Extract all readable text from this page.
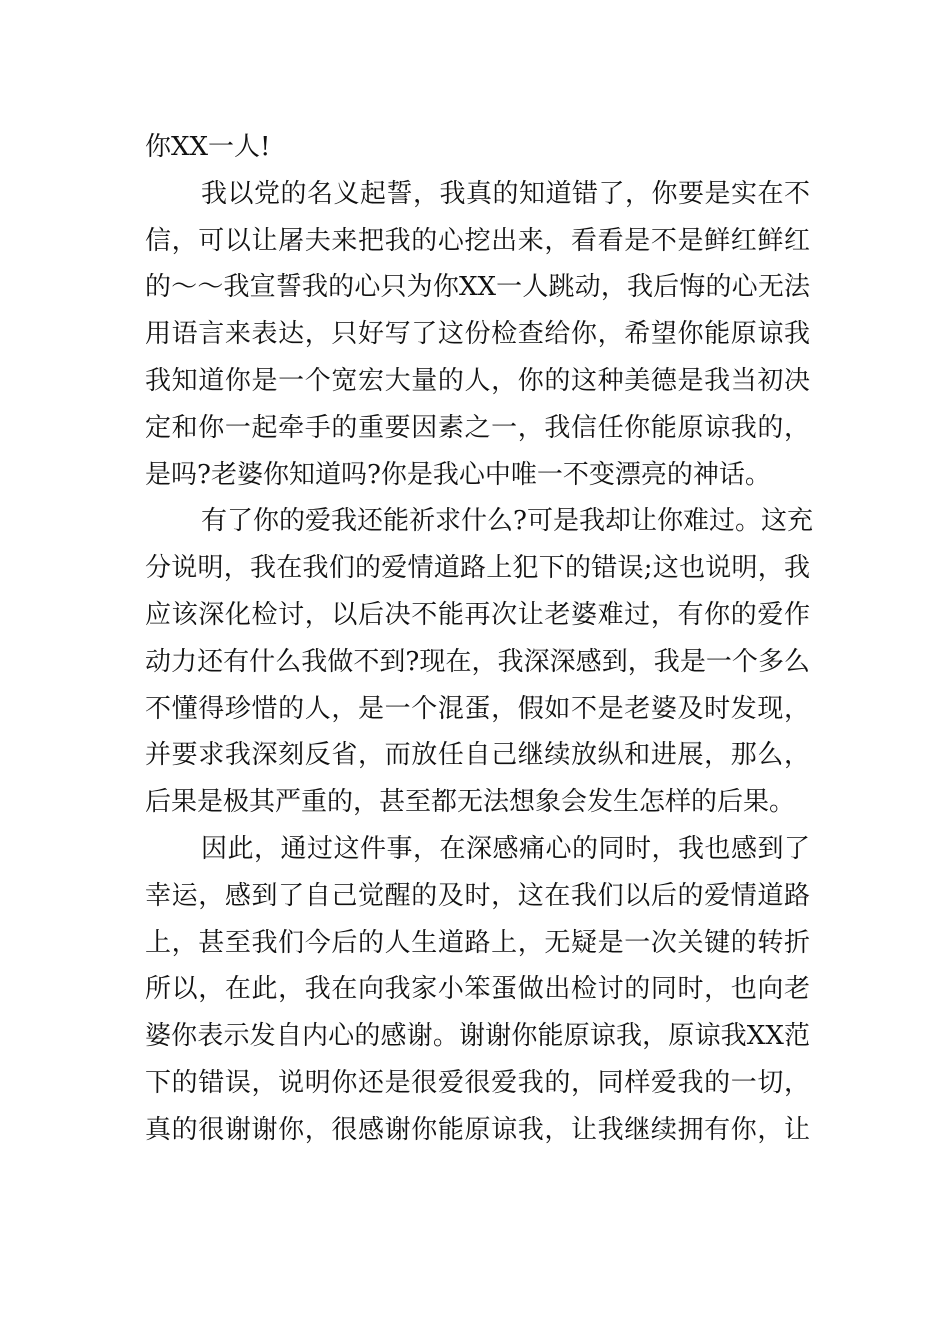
你XX一人!
我以党的名义起誓，我真的知道错了，你要是实在不
信，可以让屠夫来把我的心挖出来，看看是不是鲜红鲜红
的～～我宣誓我的心只为你XX一人跳动，我后悔的心无法
用语言来表达，只好写了这份检查给你，希望你能原谅我
我知道你是一个宽宏大量的人，你的这种美德是我当初决
定和你一起牵手的重要因素之一，我信任你能原谅我的，
是吗?老婆你知道吗?你是我心中唯一不变漂亮的神话。
有了你的爱我还能祈求什么?可是我却让你难过。这充
分说明，我在我们的爱情道路上犯下的错误;这也说明，我
应该深化检讨，以后决不能再次让老婆难过，有你的爱作
动力还有什么我做不到?现在，我深深感到，我是一个多么
不懂得珍惜的人，是一个混蛋，假如不是老婆及时发现，
并要求我深刻反省，而放任自己继续放纵和进展，那么，
后果是极其严重的，甚至都无法想象会发生怎样的后果。
因此，通过这件事，在深感痛心的同时，我也感到了
幸运，感到了自己觉醒的及时，这在我们以后的爱情道路
上，甚至我们今后的人生道路上，无疑是一次关键的转折
所以，在此，我在向我家小笨蛋做出检讨的同时，也向老
婆你表示发自内心的感谢。谢谢你能原谅我，原谅我XX范
下的错误，说明你还是很爱很爱我的，同样爱我的一切，
真的很谢谢你，很感谢你能原谅我，让我继续拥有你，让
